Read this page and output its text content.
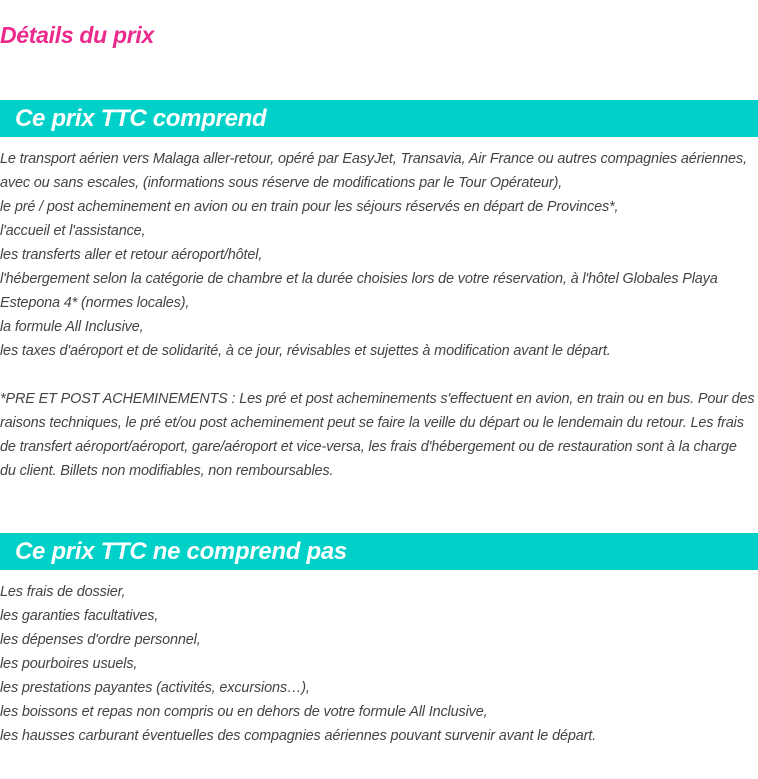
Détails du prix
Ce prix TTC comprend
Le transport aérien vers Malaga aller-retour, opéré par EasyJet, Transavia, Air France ou autres compagnies aériennes,
avec ou sans escales, (informations sous réserve de modifications par le Tour Opérateur),
le pré / post acheminement en avion ou en train pour les séjours réservés en départ de Provinces*,
l'accueil et l'assistance,
les transferts aller et retour aéroport/hôtel,
l'hébergement selon la catégorie de chambre et la durée choisies lors de votre réservation, à l'hôtel Globales Playa
Estepona 4* (normes locales),
la formule All Inclusive,
les taxes d'aéroport et de solidarité, à ce jour, révisables et sujettes à modification avant le départ.
*PRE ET POST ACHEMINEMENTS : Les pré et post acheminements s'effectuent en avion, en train ou en bus. Pour des
raisons techniques, le pré et/ou post acheminement peut se faire la veille du départ ou le lendemain du retour. Les frais
de transfert aéroport/aéroport, gare/aéroport et vice-versa, les frais d'hébergement ou de restauration sont à la charge
du client. Billets non modifiables, non remboursables.
Ce prix TTC ne comprend pas
Les frais de dossier,
les garanties facultatives,
les dépenses d'ordre personnel,
les pourboires usuels,
les prestations payantes (activités, excursions…),
les boissons et repas non compris ou en dehors de votre formule All Inclusive,
les hausses carburant éventuelles des compagnies aériennes pouvant survenir avant le départ.
